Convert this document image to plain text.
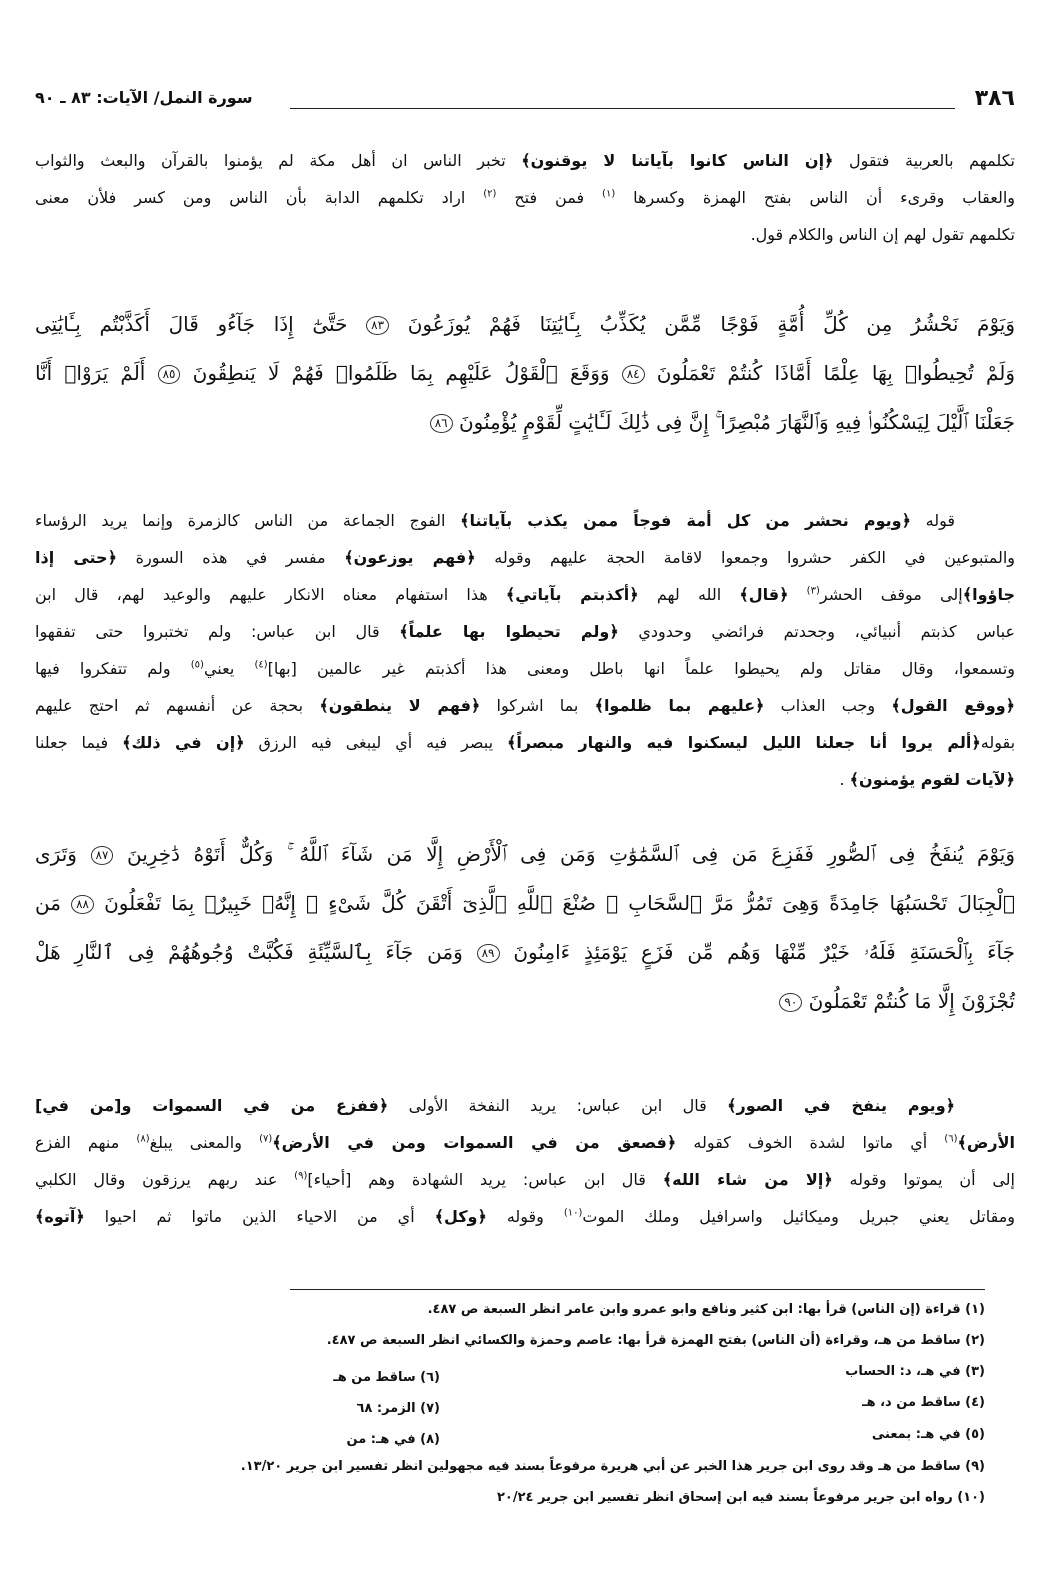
٣٨٦
سورة النمل/ الآيات: ٨٣ ـ ٩٠
تكلمهم بالعربية فتقول ﴿إن الناس كانوا بآياتنا لا يوقنون﴾ تخبر الناس ان أهل مكة لم يؤمنوا بالقرآن والبعث والثواب
والعقاب وقرىء أن الناس بفتح الهمزة وكسرها $^{(١)}$ فمن فتح $^{(٢)}$ اراد تكلمهم الدابة بأن الناس ومن كسر فلأن معنى
تكلمهم تقول لهم إن الناس والكلام قول.
وَيَوْمَ نَحْشُرُ مِن كُلِّ أُمَّةٍ فَوْجًا مِّمَّن يُكَذِّبُ بِـَٔايَٰتِنَا فَهُمْ يُوزَعُونَ ٨٣ حَتَّىٰٓ إِذَا جَآءُو قَالَ أَكَذَّبْتُم بِـَٔايَٰتِى
وَلَمْ تُحِيطُوا۟ بِهَا عِلْمًا أَمَّاذَا كُنتُمْ تَعْمَلُونَ ٨٤ وَوَقَعَ ٱلْقَوْلُ عَلَيْهِم بِمَا ظَلَمُوا۟ فَهُمْ لَا يَنطِقُونَ ٨٥ أَلَمْ يَرَوْا۟ أَنَّا
جَعَلْنَا ٱلَّيْلَ لِيَسْكُنُوا۟ فِيهِ وَٱلنَّهَارَ مُبْصِرًا ۚ إِنَّ فِى ذَٰلِكَ لَـَٔايَٰتٍ لِّقَوْمٍ يُؤْمِنُونَ ٨٦
قوله ﴿ويوم نحشر من كل أمة فوجاً ممن يكذب بآياتنا﴾ الفوج الجماعة من الناس كالزمرة وإنما يريد الرؤساء
والمتبوعين في الكفر حشروا وجمعوا لاقامة الحجة عليهم وقوله ﴿فهم يوزعون﴾ مفسر في هذه السورة ﴿حتى إذا
جاؤوا﴾إلى موقف الحشر$^{(٣)}$ ﴿قال﴾ الله لهم ﴿أكذبتم بآياتي﴾ هذا استفهام معناه الانكار عليهم والوعيد لهم، قال ابن
عباس كذبتم أنبيائي، وجحدتم فرائضي وحدودي ﴿ولم تحيطوا بها علماً﴾ قال ابن عباس: ولم تختبروا حتى تفقهوا
وتسمعوا، وقال مقاتل ولم يحيطوا علماً انها باطل ومعنى هذا أكذبتم غير عالمين [بها]$^{(٤)}$ يعني$^{(٥)}$ ولم تتفكروا فيها
﴿ووقع القول﴾ وجب العذاب ﴿عليهم بما ظلموا﴾ بما اشركوا ﴿فهم لا ينطقون﴾ بحجة عن أنفسهم ثم احتج عليهم
بقوله﴿ألم يروا أنا جعلنا الليل ليسكنوا فيه والنهار مبصراً﴾ يبصر فيه أي ليبغى فيه الرزق ﴿إن في ذلك﴾ فيما جعلنا
﴿لآيات لقوم يؤمنون﴾ .
وَيَوْمَ يُنفَخُ فِى ٱلصُّورِ فَفَزِعَ مَن فِى ٱلسَّمَٰوَٰتِ وَمَن فِى ٱلْأَرْضِ إِلَّا مَن شَآءَ ٱللَّهُ ۚ وَكُلٌّ أَتَوْهُ دَٰخِرِينَ ٨٧ وَتَرَى
ٱلْجِبَالَ تَحْسَبُهَا جَامِدَةً وَهِىَ تَمُرُّ مَرَّ ٱلسَّحَابِ ۚ صُنْعَ ٱللَّهِ ٱلَّذِىٓ أَتْقَنَ كُلَّ شَىْءٍ ۚ إِنَّهُۥ خَبِيرٌۢ بِمَا تَفْعَلُونَ ٨٨ مَن
جَآءَ بِٱلْحَسَنَةِ فَلَهُۥ خَيْرٌ مِّنْهَا وَهُم مِّن فَزَعٍ يَوْمَئِذٍ ءَامِنُونَ ٨٩ وَمَن جَآءَ بِٱلسَّيِّئَةِ فَكُبَّتْ وُجُوهُهُمْ فِى ٱلنَّارِ هَلْ
تُجْزَوْنَ إِلَّا مَا كُنتُمْ تَعْمَلُونَ ٩٠
﴿ويوم ينفخ في الصور﴾ قال ابن عباس: يريد النفخة الأولى ﴿ففزع من في السموات و[من في]
الأرض﴾$^{(٦)}$ أي ماتوا لشدة الخوف كقوله ﴿فصعق من في السموات ومن في الأرض﴾$^{(٧)}$ والمعنى يبلغ$^{(٨)}$ منهم الفزع
إلى أن يموتوا وقوله ﴿إلا من شاء الله﴾ قال ابن عباس: يريد الشهادة وهم [أحياء]$^{(٩)}$ عند ربهم يرزقون وقال الكلبي
ومقاتل يعني جبريل وميكائيل واسرافيل وملك الموت$^{(١٠)}$ وقوله ﴿وكل﴾ أي من الاحياء الذين ماتوا ثم احيوا ﴿آتوه﴾
(١) قراءة (إن الناس) قرأ بها: ابن كثير ونافع وابو عمرو وابن عامر انظر السبعة ص ٤٨٧.
(٢) ساقط من هـ، وقراءة (أن الناس) بفتح الهمزة قرأ بها: عاصم وحمزة والكسائي انظر السبعة ص ٤٨٧.
(٣) في هـ، د: الحساب
(٤) ساقط من د، هـ
(٥) في هـ: بمعنى
(٦) ساقط من هـ
(٧) الزمر: ٦٨
(٨) في هـ: من
(٩) ساقط من هـ وقد روى ابن جرير هذا الخبر عن أبي هريرة مرفوعاً بسند فيه مجهولين انظر تفسير ابن جرير ١٣/٢٠.
(١٠) رواه ابن جرير مرفوعاً بسند فيه ابن إسحاق انظر تفسير ابن جرير ٢٠/٢٤
